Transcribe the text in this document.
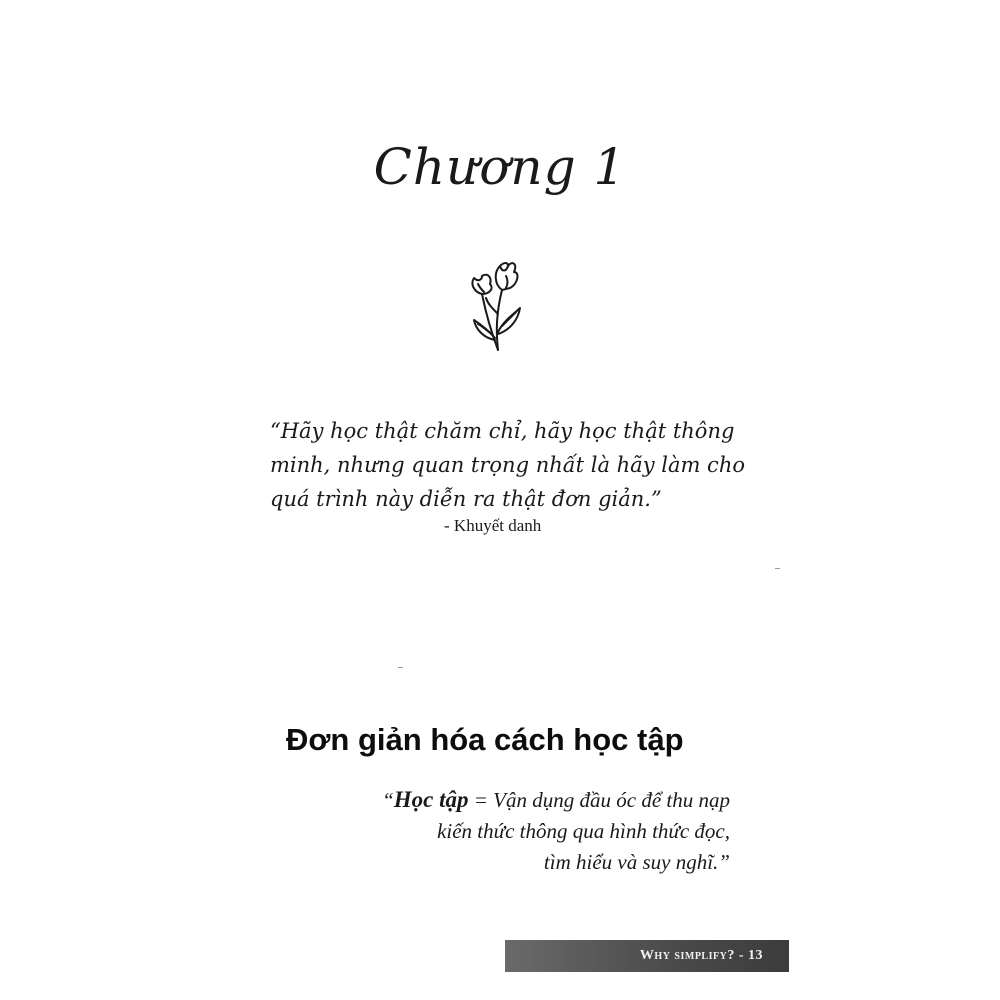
Chương 1
“Hãy học thật chăm chỉ, hãy học thật thông
minh, nhưng quan trọng nhất là hãy làm cho
quá trình này diễn ra thật đơn giản.”
- Khuyết danh
Đơn giản hóa cách học tập
“Học tập = Vận dụng đầu óc để thu nạp
kiến thức thông qua hình thức đọc,
tìm hiểu và suy nghĩ.”
Why simplify? - 13
